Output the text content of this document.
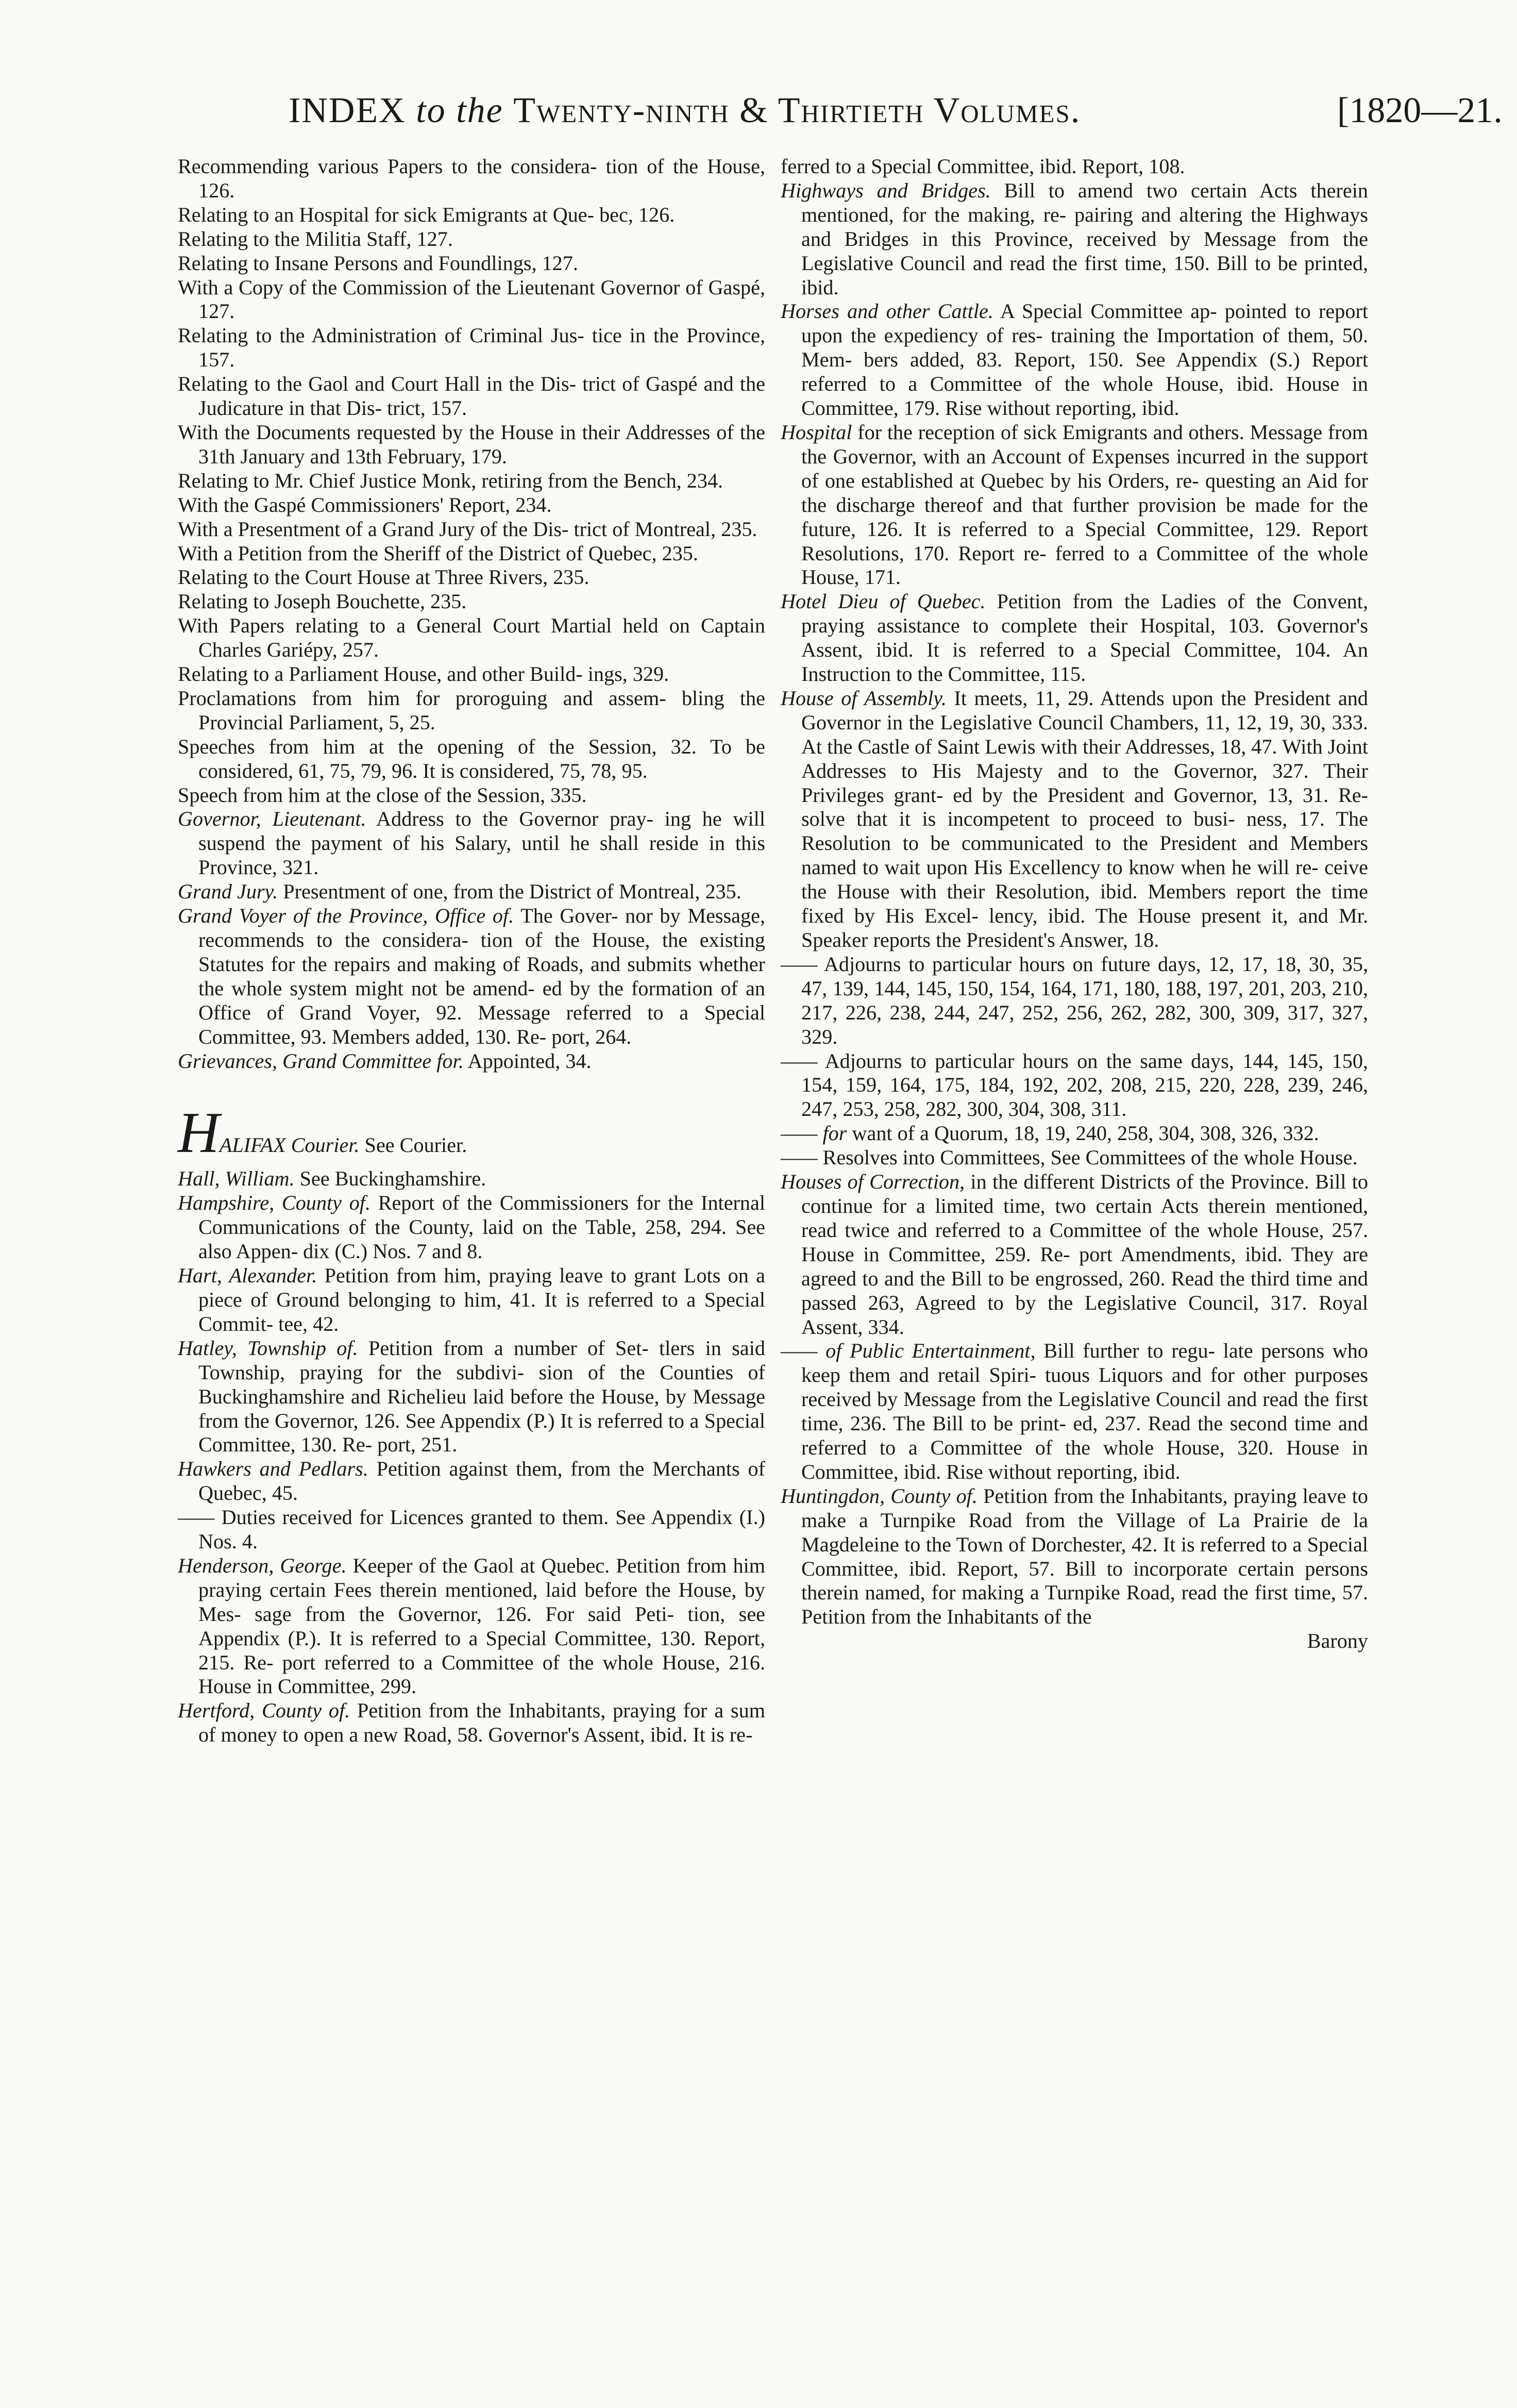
INDEX to the Twenty-ninth & Thirtieth Volumes.	[1820—21.
Recommending various Papers to the considera- tion of the House, 126.
Relating to an Hospital for sick Emigrants at Que- bec, 126.
Relating to the Militia Staff, 127.
Relating to Insane Persons and Foundlings, 127.
With a Copy of the Commission of the Lieutenant Governor of Gaspé, 127.
Relating to the Administration of Criminal Jus- tice in the Province, 157.
Relating to the Gaol and Court Hall in the Dis- trict of Gaspé and the Judicature in that Dis- trict, 157.
With the Documents requested by the House in their Addresses of the 31th January and 13th February, 179.
Relating to Mr. Chief Justice Monk, retiring from the Bench, 234.
With the Gaspé Commissioners' Report, 234.
With a Presentment of a Grand Jury of the Dis- trict of Montreal, 235.
With a Petition from the Sheriff of the District of Quebec, 235.
Relating to the Court House at Three Rivers, 235.
Relating to Joseph Bouchette, 235.
With Papers relating to a General Court Martial held on Captain Charles Gariépy, 257.
Relating to a Parliament House, and other Build- ings, 329.
Proclamations from him for proroguing and assem- bling the Provincial Parliament, 5, 25.
Speeches from him at the opening of the Session, 32. To be considered, 61, 75, 79, 96. It is considered, 75, 78, 95.
Speech from him at the close of the Session, 335.
Governor, Lieutenant. Address to the Governor pray- ing he will suspend the payment of his Salary, until he shall reside in this Province, 321.
Grand Jury. Presentment of one, from the District of Montreal, 235.
Grand Voyer of the Province, Office of. The Gover- nor by Message, recommends to the considera- tion of the House, the existing Statutes for the repairs and making of Roads, and submits whether the whole system might not be amend- ed by the formation of an Office of Grand Voyer, 92. Message referred to a Special Committee, 93. Members added, 130. Re- port, 264.
Grievances, Grand Committee for. Appointed, 34.
HALIFAX Courier. See Courier.
Hall, William. See Buckinghamshire.
Hampshire, County of. Report of the Commissioners for the Internal Communications of the County, laid on the Table, 258, 294. See also Appen- dix (C.) Nos. 7 and 8.
Hart, Alexander. Petition from him, praying leave to grant Lots on a piece of Ground belonging to him, 41. It is referred to a Special Commit- tee, 42.
Hatley, Township of. Petition from a number of Set- tlers in said Township, praying for the subdivi- sion of the Counties of Buckinghamshire and Richelieu laid before the House, by Message from the Governor, 126. See Appendix (P.) It is referred to a Special Committee, 130. Re- port, 251.
Hawkers and Pedlars. Petition against them, from the Merchants of Quebec, 45.
—— Duties received for Licences granted to them. See Appendix (I.) Nos. 4.
Henderson, George. Keeper of the Gaol at Quebec. Petition from him praying certain Fees therein mentioned, laid before the House, by Mes- sage from the Governor, 126. For said Peti- tion, see Appendix (P.). It is referred to a Special Committee, 130. Report, 215. Re- port referred to a Committee of the whole House, 216. House in Committee, 299.
Hertford, County of. Petition from the Inhabitants, praying for a sum of money to open a new Road, 58. Governor's Assent, ibid. It is re-
ferred to a Special Committee, ibid. Report, 108.
Highways and Bridges. Bill to amend two certain Acts therein mentioned, for the making, re- pairing and altering the Highways and Bridges in this Province, received by Message from the Legislative Council and read the first time, 150. Bill to be printed, ibid.
Horses and other Cattle. A Special Committee ap- pointed to report upon the expediency of res- training the Importation of them, 50. Mem- bers added, 83. Report, 150. See Appendix (S.) Report referred to a Committee of the whole House, ibid. House in Committee, 179. Rise without reporting, ibid.
Hospital for the reception of sick Emigrants and others. Message from the Governor, with an Account of Expenses incurred in the support of one established at Quebec by his Orders, re- questing an Aid for the discharge thereof and that further provision be made for the future, 126. It is referred to a Special Committee, 129. Report Resolutions, 170. Report re- ferred to a Committee of the whole House, 171.
Hotel Dieu of Quebec. Petition from the Ladies of the Convent, praying assistance to complete their Hospital, 103. Governor's Assent, ibid. It is referred to a Special Committee, 104. An Instruction to the Committee, 115.
House of Assembly. It meets, 11, 29. Attends upon the President and Governor in the Legislative Council Chambers, 11, 12, 19, 30, 333. At the Castle of Saint Lewis with their Addresses, 18, 47. With Joint Addresses to His Majesty and to the Governor, 327. Their Privileges grant- ed by the President and Governor, 13, 31. Re- solve that it is incompetent to proceed to busi- ness, 17. The Resolution to be communicated to the President and Members named to wait upon His Excellency to know when he will re- ceive the House with their Resolution, ibid. Members report the time fixed by His Excel- lency, ibid. The House present it, and Mr. Speaker reports the President's Answer, 18.
—— Adjourns to particular hours on future days, 12, 17, 18, 30, 35, 47, 139, 144, 145, 150, 154, 164, 171, 180, 188, 197, 201, 203, 210, 217, 226, 238, 244, 247, 252, 256, 262, 282, 300, 309, 317, 327, 329.
—— Adjourns to particular hours on the same days, 144, 145, 150, 154, 159, 164, 175, 184, 192, 202, 208, 215, 220, 228, 239, 246, 247, 253, 258, 282, 300, 304, 308, 311.
—— for want of a Quorum, 18, 19, 240, 258, 304, 308, 326, 332.
—— Resolves into Committees, See Committees of the whole House.
Houses of Correction, in the different Districts of the Province. Bill to continue for a limited time, two certain Acts therein mentioned, read twice and referred to a Committee of the whole House, 257. House in Committee, 259. Re- port Amendments, ibid. They are agreed to and the Bill to be engrossed, 260. Read the third time and passed 263, Agreed to by the Legislative Council, 317. Royal Assent, 334.
—— of Public Entertainment, Bill further to regu- late persons who keep them and retail Spiri- tuous Liquors and for other purposes received by Message from the Legislative Council and read the first time, 236. The Bill to be print- ed, 237. Read the second time and referred to a Committee of the whole House, 320. House in Committee, ibid. Rise without reporting, ibid.
Huntingdon, County of. Petition from the Inhabitants, praying leave to make a Turnpike Road from the Village of La Prairie de la Magdeleine to the Town of Dorchester, 42. It is referred to a Special Committee, ibid. Report, 57. Bill to incorporate certain persons therein named, for making a Turnpike Road, read the first time, 57. Petition from the Inhabitants of the
Barony
